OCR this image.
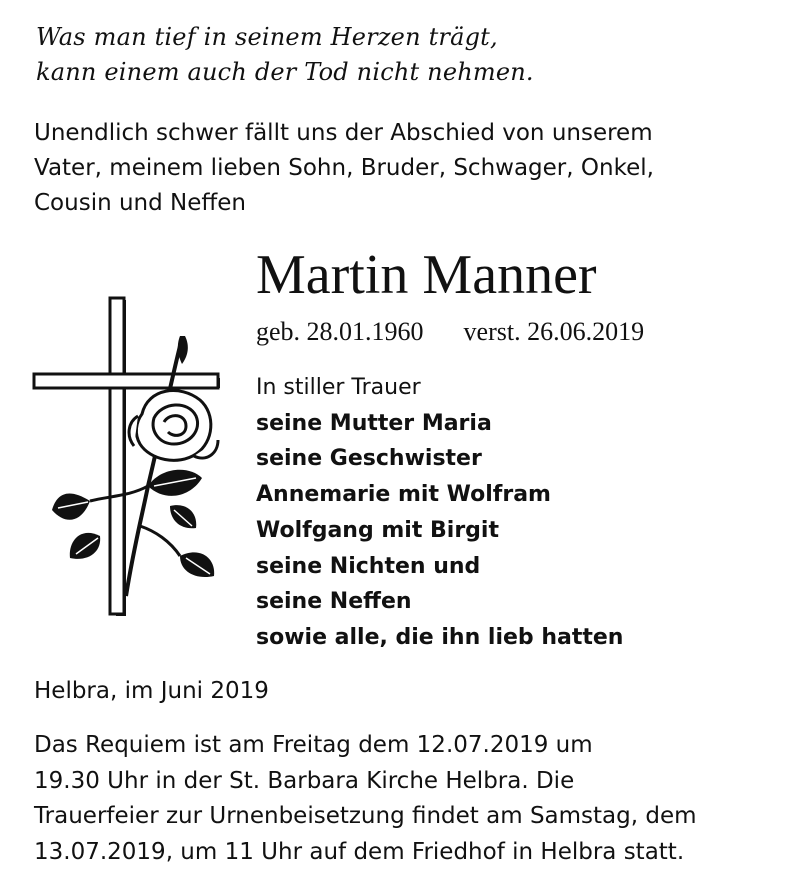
Was man tief in seinem Herzen trägt,
kann einem auch der Tod nicht nehmen.
Unendlich schwer fällt uns der Abschied von unserem
Vater, meinem lieben Sohn, Bruder, Schwager, Onkel,
Cousin und Neffen
Martin Manner
geb. 28.01.1960 verst. 26.06.2019
In stiller Trauer
seine Mutter Maria
seine Geschwister
Annemarie mit Wolfram
Wolfgang mit Birgit
seine Nichten und
seine Neffen
sowie alle, die ihn lieb hatten
Helbra, im Juni 2019
Das Requiem ist am Freitag dem 12.07.2019 um
19.30 Uhr in der St. Barbara Kirche Helbra. Die
Trauerfeier zur Urnenbeisetzung findet am Samstag, dem
13.07.2019, um 11 Uhr auf dem Friedhof in Helbra statt.
